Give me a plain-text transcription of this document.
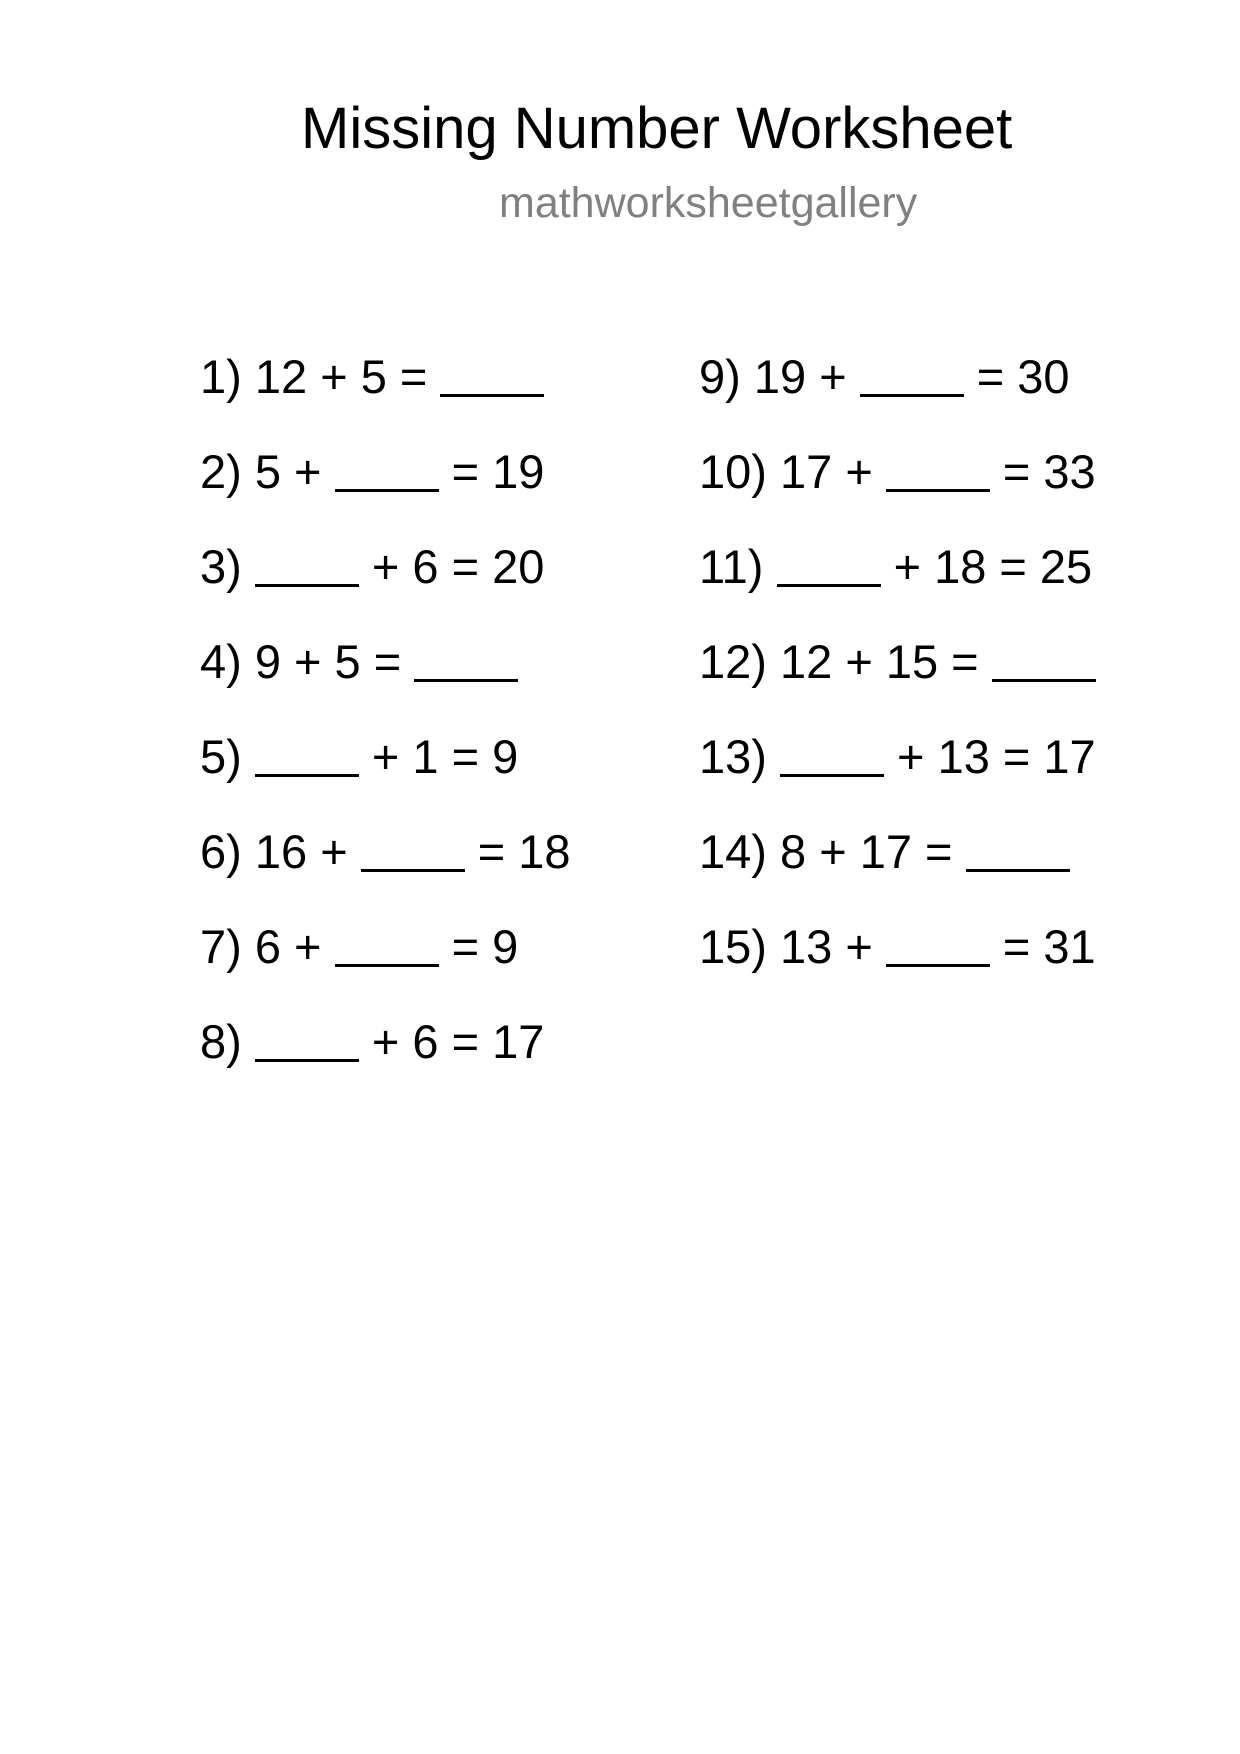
Missing Number Worksheet
mathworksheetgallery
1) 12 + 5 =
2) 5 +  = 19
3)  + 6 = 20
4) 9 + 5 =
5)  + 1 = 9
6) 16 +  = 18
7) 6 +  = 9
8)  + 6 = 17
9) 19 +  = 30
10) 17 +  = 33
11)  + 18 = 25
12) 12 + 15 =
13)  + 13 = 17
14) 8 + 17 =
15) 13 +  = 31
